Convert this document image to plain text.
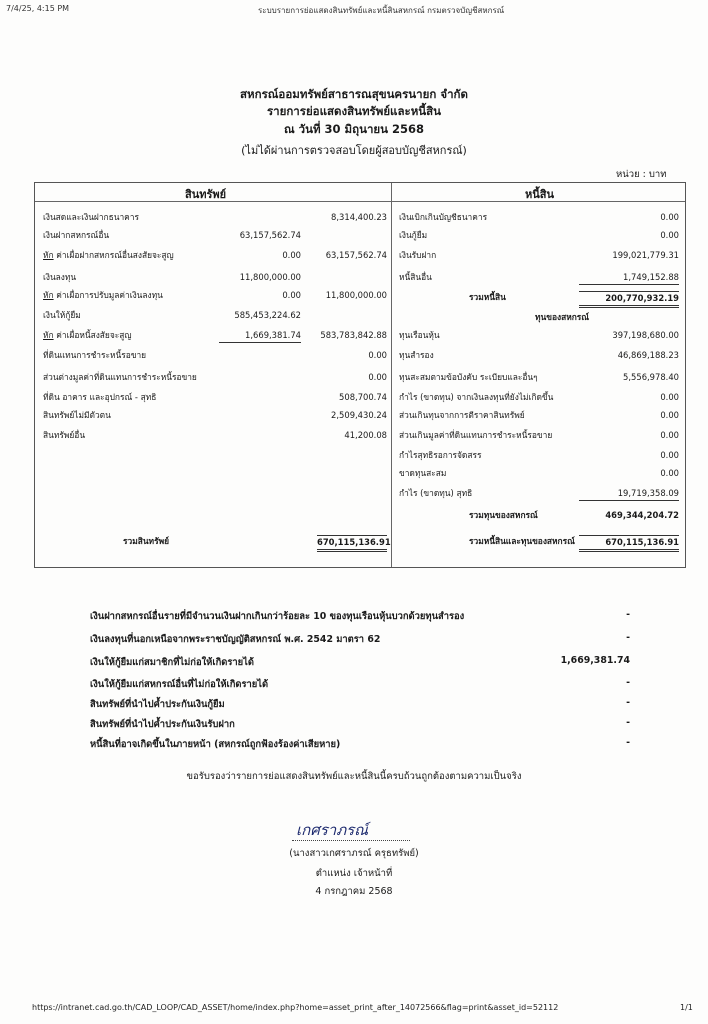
7/4/25, 4:15 PM	ระบบรายการย่อแสดงสินทรัพย์และหนี้สินสหกรณ์ กรมตรวจบัญชีสหกรณ์
สหกรณ์ออมทรัพย์สาธารณสุขนครนายก จำกัด
รายการย่อแสดงสินทรัพย์และหนี้สิน
ณ วันที่ 30 มิถุนายน 2568
(ไม่ได้ผ่านการตรวจสอบโดยผู้สอบบัญชีสหกรณ์)
หน่วย : บาท
สินทรัพย์	หนี้สิน
เงินสดและเงินฝากธนาคาร	8,314,400.23
เงินฝากสหกรณ์อื่น	63,157,562.74
หัก ค่าเผื่อฝากสหกรณ์อื่นสงสัยจะสูญ	0.00	63,157,562.74
เงินลงทุน	11,800,000.00
หัก ค่าเผื่อการปรับมูลค่าเงินลงทุน	0.00	11,800,000.00
เงินให้กู้ยืม	585,453,224.62
หัก ค่าเผื่อหนี้สงสัยจะสูญ	1,669,381.74	583,783,842.88
ที่ดินแทนการชำระหนี้รอขาย	0.00
ส่วนต่างมูลค่าที่ดินแทนการชำระหนี้รอขาย	0.00
ที่ดิน อาคาร และอุปกรณ์ - สุทธิ	508,700.74
สินทรัพย์ไม่มีตัวตน	2,509,430.24
สินทรัพย์อื่น	41,200.08
รวมสินทรัพย์	670,115,136.91
เงินเบิกเกินบัญชีธนาคาร	0.00
เงินกู้ยืม	0.00
เงินรับฝาก	199,021,779.31
หนี้สินอื่น	1,749,152.88
รวมหนี้สิน	200,770,932.19
ทุนของสหกรณ์
ทุนเรือนหุ้น	397,198,680.00
ทุนสำรอง	46,869,188.23
ทุนสะสมตามข้อบังคับ ระเบียบและอื่นๆ	5,556,978.40
กำไร (ขาดทุน) จากเงินลงทุนที่ยังไม่เกิดขึ้น	0.00
ส่วนเกินทุนจากการตีราคาสินทรัพย์	0.00
ส่วนเกินมูลค่าที่ดินแทนการชำระหนี้รอขาย	0.00
กำไรสุทธิรอการจัดสรร	0.00
ขาดทุนสะสม	0.00
กำไร (ขาดทุน) สุทธิ	19,719,358.09
รวมทุนของสหกรณ์	469,344,204.72
รวมหนี้สินและทุนของสหกรณ์	670,115,136.91
เงินฝากสหกรณ์อื่นรายที่มีจำนวนเงินฝากเกินกว่าร้อยละ 10 ของทุนเรือนหุ้นบวกด้วยทุนสำรอง	-
เงินลงทุนที่นอกเหนือจากพระราชบัญญัติสหกรณ์ พ.ศ. 2542 มาตรา 62	-
เงินให้กู้ยืมแก่สมาชิกที่ไม่ก่อให้เกิดรายได้	1,669,381.74
เงินให้กู้ยืมแก่สหกรณ์อื่นที่ไม่ก่อให้เกิดรายได้	-
สินทรัพย์ที่นำไปค้ำประกันเงินกู้ยืม	-
สินทรัพย์ที่นำไปค้ำประกันเงินรับฝาก	-
หนี้สินที่อาจเกิดขึ้นในภายหน้า (สหกรณ์ถูกฟ้องร้องค่าเสียหาย)	-
ขอรับรองว่ารายการย่อแสดงสินทรัพย์และหนี้สินนี้ครบถ้วนถูกต้องตามความเป็นจริง
เกศราภรณ์
(นางสาวเกศราภรณ์ ครุธทรัพย์)
ตำแหน่ง เจ้าหน้าที่
4 กรกฎาคม 2568
https://intranet.cad.go.th/CAD_LOOP/CAD_ASSET/home/index.php?home=asset_print_after_14072566&flag=print&asset_id=52112	1/1
